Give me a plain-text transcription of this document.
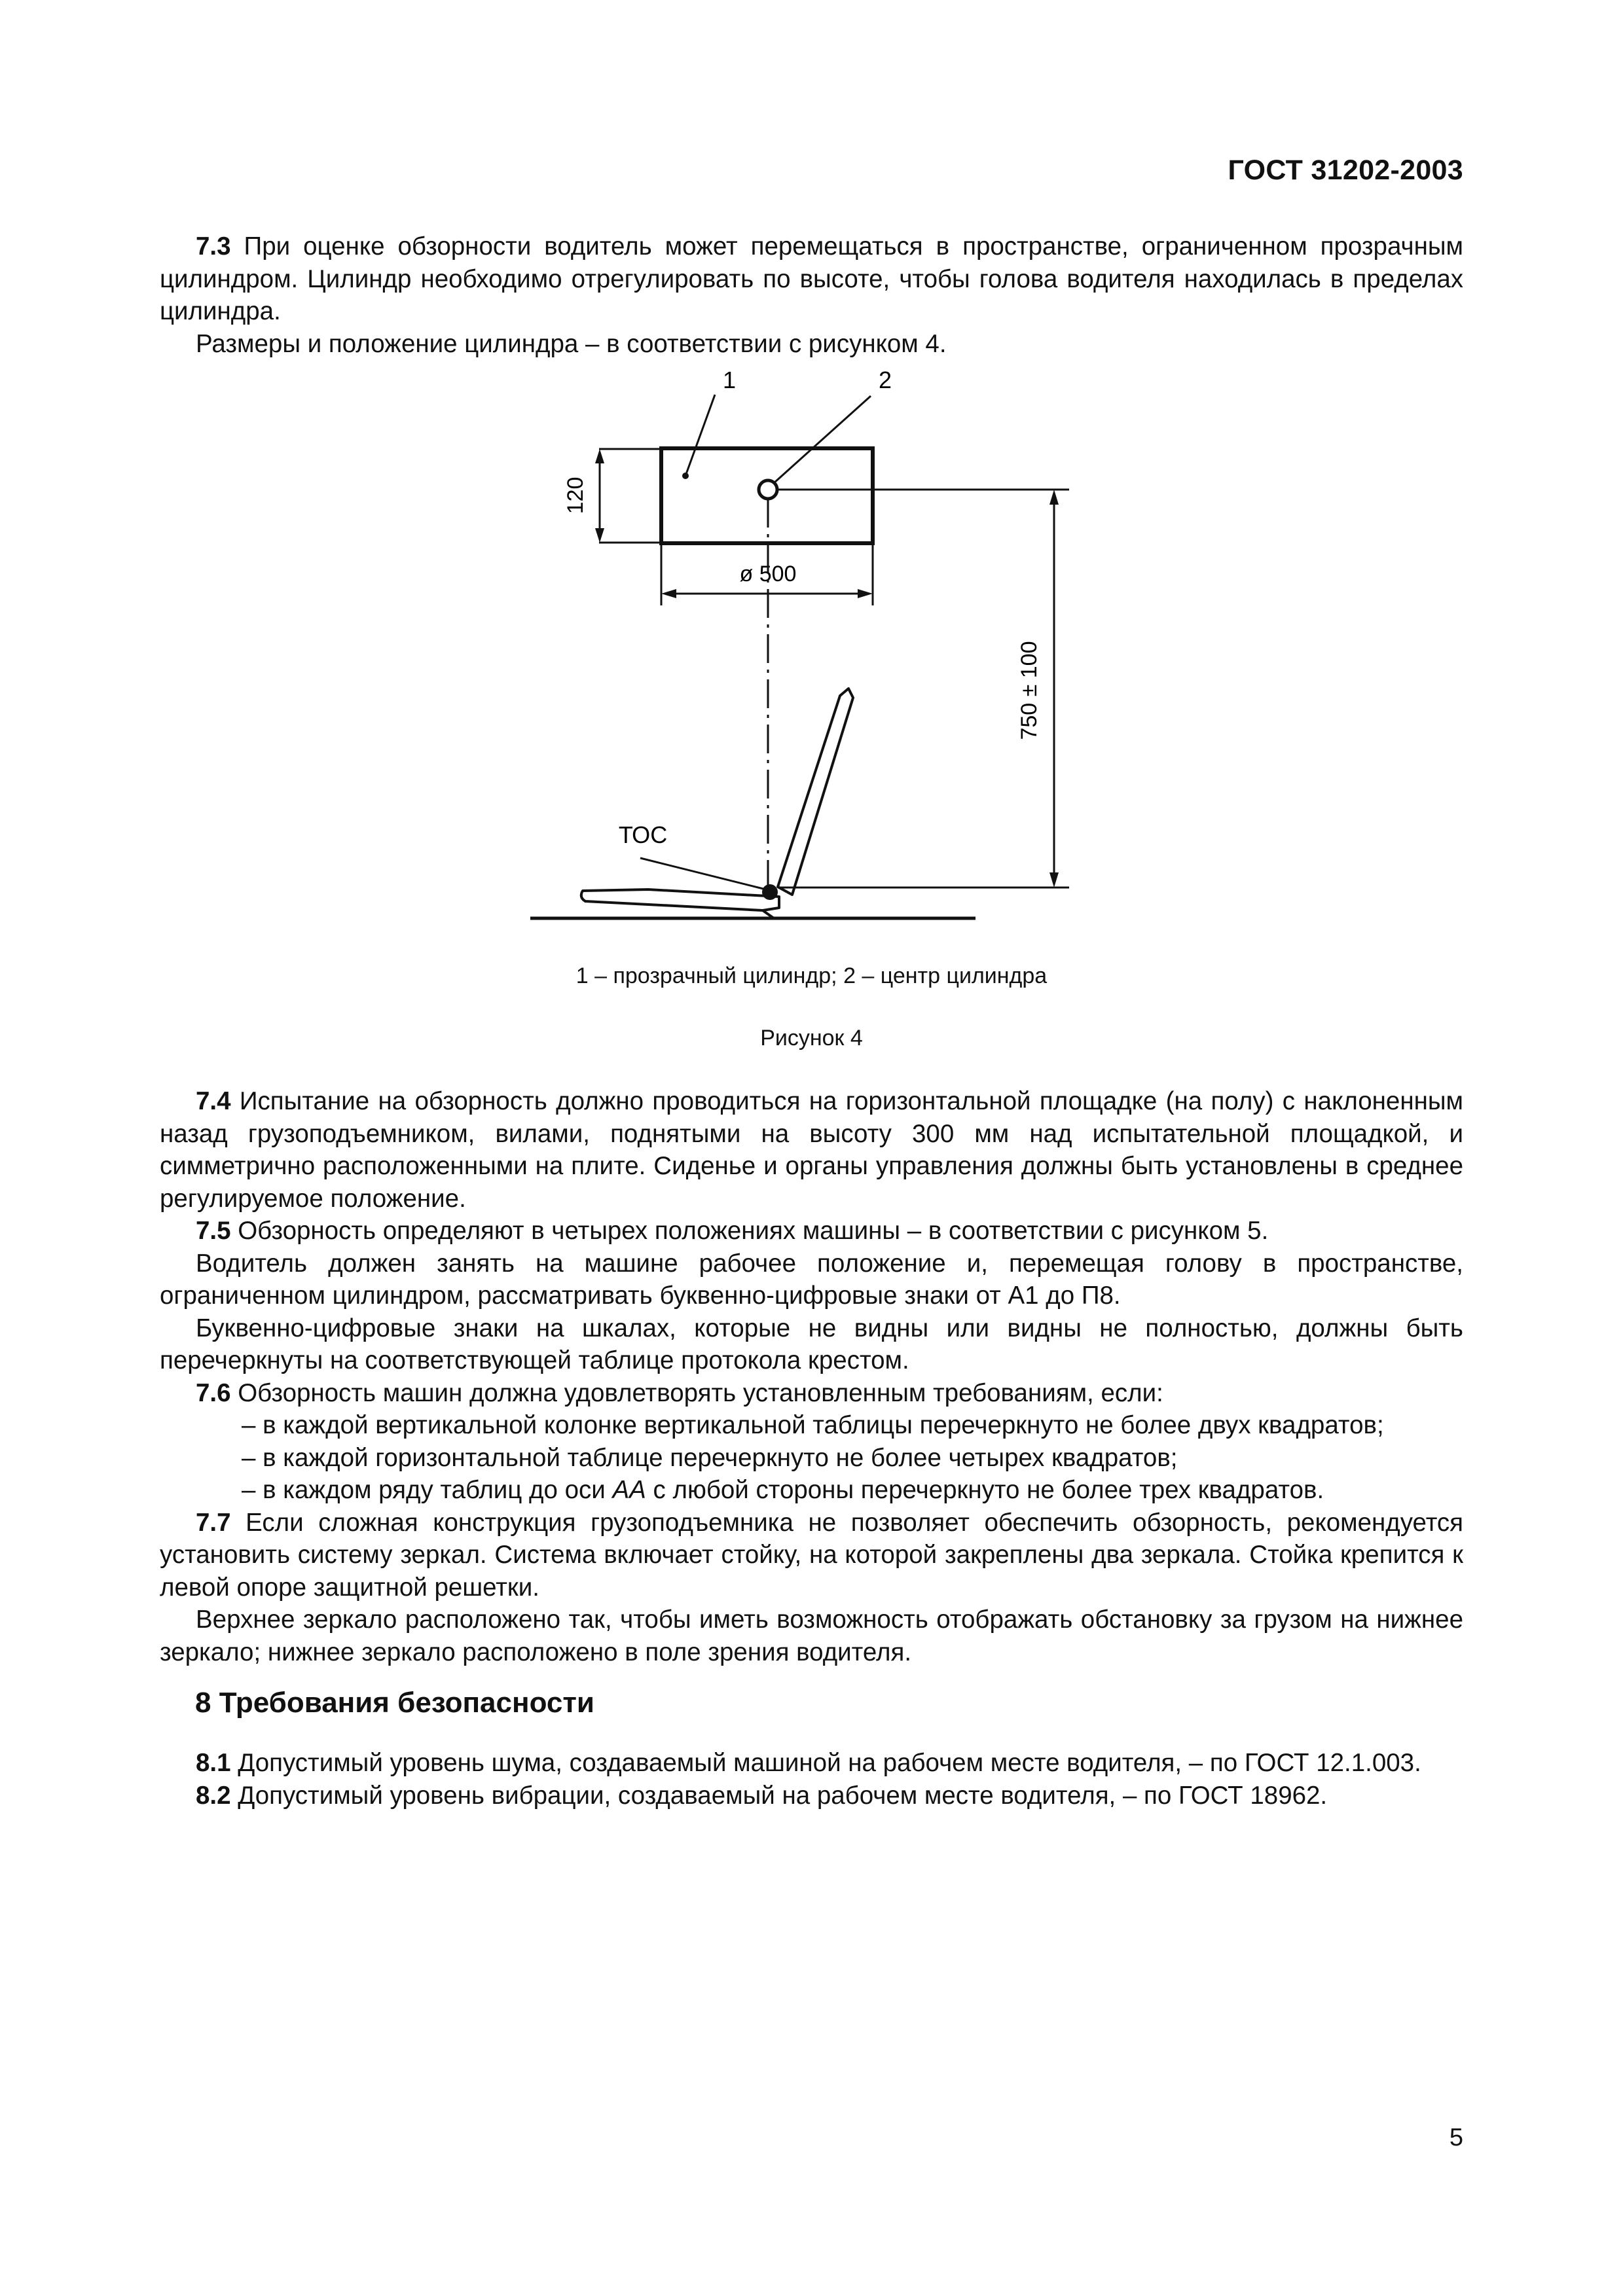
ГОСТ 31202-2003

7.3 При оценке обзорности водитель может перемещаться в пространстве, ограниченном прозрачным цилиндром. Цилиндр необходимо отрегулировать по высоте, чтобы голова водителя находилась в пределах цилиндра.

Размеры и положение цилиндра – в соответствии с рисунком 4.

1	2
120
ø 500
750 ± 100
ТОС
1 – прозрачный цилиндр; 2 – центр цилиндра
Рисунок 4

7.4 Испытание на обзорность должно проводиться на горизонтальной площадке (на полу) с наклоненным назад грузоподъемником, вилами, поднятыми на высоту 300 мм над испытательной площадкой, и симметрично расположенными на плите. Сиденье и органы управления должны быть установлены в среднее регулируемое положение.

7.5 Обзорность определяют в четырех положениях машины – в соответствии с рисунком 5.

Водитель должен занять на машине рабочее положение и, перемещая голову в пространстве, ограниченном цилиндром, рассматривать буквенно-цифровые знаки от А1 до П8.

Буквенно-цифровые знаки на шкалах, которые не видны или видны не полностью, должны быть перечеркнуты на соответствующей таблице протокола крестом.

7.6 Обзорность машин должна удовлетворять установленным требованиям, если:

– в каждой вертикальной колонке вертикальной таблицы перечеркнуто не более двух квадратов;

– в каждой горизонтальной таблице перечеркнуто не более четырех квадратов;

– в каждом ряду таблиц до оси АА с любой стороны перечеркнуто не более трех квадратов.

7.7 Если сложная конструкция грузоподъемника не позволяет обеспечить обзорность, рекомендуется установить систему зеркал. Система включает стойку, на которой закреплены два зеркала. Стойка крепится к левой опоре защитной решетки.

Верхнее зеркало расположено так, чтобы иметь возможность отображать обстановку за грузом на нижнее зеркало; нижнее зеркало расположено в поле зрения водителя.

8 Требования безопасности

8.1 Допустимый уровень шума, создаваемый машиной на рабочем месте водителя, – по ГОСТ 12.1.003.

8.2 Допустимый уровень вибрации, создаваемый на рабочем месте водителя, – по ГОСТ 18962.

5
